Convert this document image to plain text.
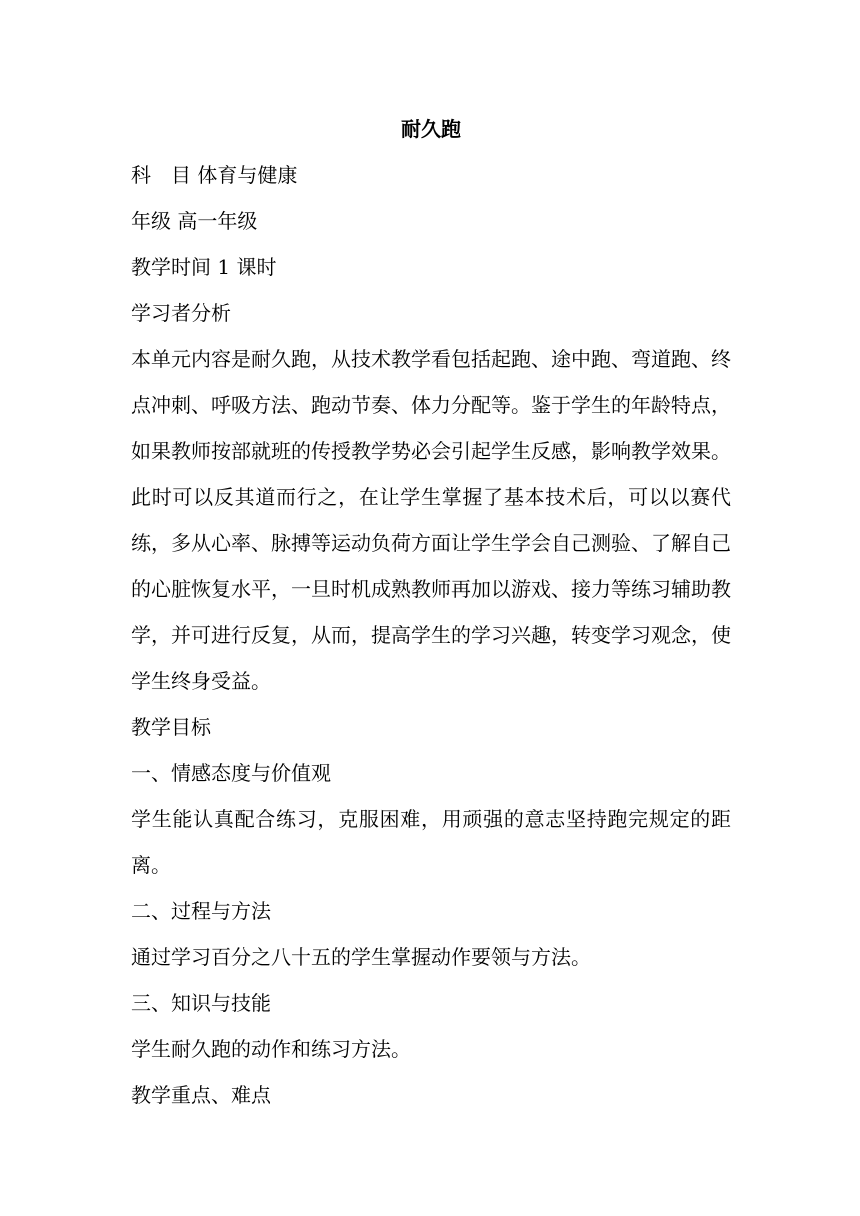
耐久跑

科　目 体育与健康

年级 高一年级

教学时间 1 课时

学习者分析

本单元内容是耐久跑，从技术教学看包括起跑、途中跑、弯道跑、终点冲刺、呼吸方法、跑动节奏、体力分配等。鉴于学生的年龄特点，如果教师按部就班的传授教学势必会引起学生反感，影响教学效果。此时可以反其道而行之，在让学生掌握了基本技术后，可以以赛代练，多从心率、脉搏等运动负荷方面让学生学会自己测验、了解自己的心脏恢复水平，一旦时机成熟教师再加以游戏、接力等练习辅助教学，并可进行反复，从而，提高学生的学习兴趣，转变学习观念，使学生终身受益。

教学目标

一、情感态度与价值观

学生能认真配合练习，克服困难，用顽强的意志坚持跑完规定的距离。

二、过程与方法

通过学习百分之八十五的学生掌握动作要领与方法。

三、知识与技能

学生耐久跑的动作和练习方法。

教学重点、难点
